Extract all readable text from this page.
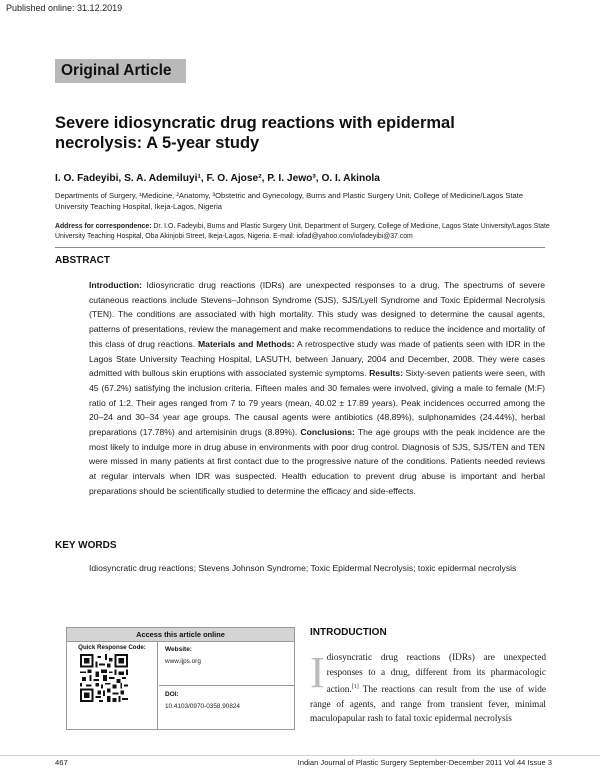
Published online: 31.12.2019
Original Article
Severe idiosyncratic drug reactions with epidermal necrolysis: A 5-year study
I. O. Fadeyibi, S. A. Ademiluyi¹, F. O. Ajose², P. I. Jewo³, O. I. Akinola
Departments of Surgery, ¹Medicine, ²Anatomy, ³Obstetric and Gynecology, Burns and Plastic Surgery Unit, College of Medicine/Lagos State University Teaching Hospital, Ikeja-Lagos, Nigeria
Address for correspondence: Dr. I.O. Fadeyibi, Burns and Plastic Surgery Unit, Department of Surgery, College of Medicine, Lagos State University/Lagos State University Teaching Hospital, Oba Akinjobi Street, Ikeja-Lagos, Nigeria. E-mail: iofad@yahoo.com/iofadeyibi@37.com
ABSTRACT
Introduction: Idiosyncratic drug reactions (IDRs) are unexpected responses to a drug. The spectrums of severe cutaneous reactions include Stevens–Johnson Syndrome (SJS), SJS/Lyell Syndrome and Toxic Epidermal Necrolysis (TEN). The conditions are associated with high mortality. This study was designed to determine the causal agents, patterns of presentations, review the management and make recommendations to reduce the incidence and mortality of this class of drug reactions. Materials and Methods: A retrospective study was made of patients seen with IDR in the Lagos State University Teaching Hospital, LASUTH, between January, 2004 and December, 2008. They were cases admitted with bullous skin eruptions with associated systemic symptoms. Results: Sixty-seven patients were seen, with 45 (67.2%) satisfying the inclusion criteria. Fifteen males and 30 females were involved, giving a male to female (M:F) ratio of 1:2. Their ages ranged from 7 to 79 years (mean, 40.02 ± 17.89 years). Peak incidences occurred among the 20–24 and 30–34 year age groups. The causal agents were antibiotics (48.89%), sulphonamides (24.44%), herbal preparations (17.78%) and artemisinin drugs (8.89%). Conclusions: The age groups with the peak incidence are the most likely to indulge more in drug abuse in environments with poor drug control. Diagnosis of SJS, SJS/TEN and TEN were missed in many patients at first contact due to the progressive nature of the conditions. Patients needed reviews at regular intervals when IDR was suspected. Health education to prevent drug abuse is important and herbal preparations should be scientifically studied to determine the efficacy and side-effects.
KEY WORDS
Idiosyncratic drug reactions; Stevens Johnson Syndrome; Toxic Epidermal Necrolysis; toxic epidermal necrolysis
Access this article online
Quick Response Code:	Website:
www.ijps.org
DOI:
10.4103/0970-0358.90824
INTRODUCTION
Idiosyncratic drug reactions (IDRs) are unexpected responses to a drug, different from its pharmacologic action.[1] The reactions can result from the use of wide range of agents, and range from transient fever, minimal maculopapular rash to fatal toxic epidermal necrolysis
467	Indian Journal of Plastic Surgery September-December 2011 Vol 44 Issue 3
